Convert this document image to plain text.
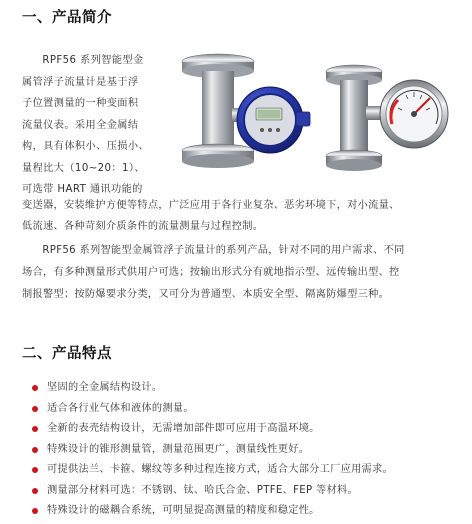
一、产品简介
RPF56 系列智能型金
属管浮子流量计是基于浮
子位置测量的一种变面积
流量仪表。采用全金属结
构，具有体积小、压损小、
量程比大（10~20：1）、
可选带 HART 通讯功能的
变送器，安装维护方便等特点，广泛应用于各行业复杂、恶劣环境下，对小流量、
低流速、各种苛刻介质条件的流量测量与过程控制。
RPF56 系列智能型金属管浮子流量计的系列产品，针对不同的用户需求、不同
场合，有多种测量形式供用户可选；按输出形式分有就地指示型、远传输出型、控
制报警型；按防爆要求分类，又可分为普通型、本质安全型、隔离防爆型三种。
二、产品特点
坚固的全金属结构设计。
适合各行业气体和液体的测量。
全新的表壳结构设计，无需增加部件即可应用于高温环境。
特殊设计的锥形测量管，测量范围更广，测量线性更好。
可提供法兰、卡箍、螺纹等多种过程连接方式，适合大部分工厂应用需求。
测量部分材料可选：不锈钢、钛、哈氏合金、PTFE、FEP 等材料。
特殊设计的磁耦合系统，可明显提高测量的精度和稳定性。
